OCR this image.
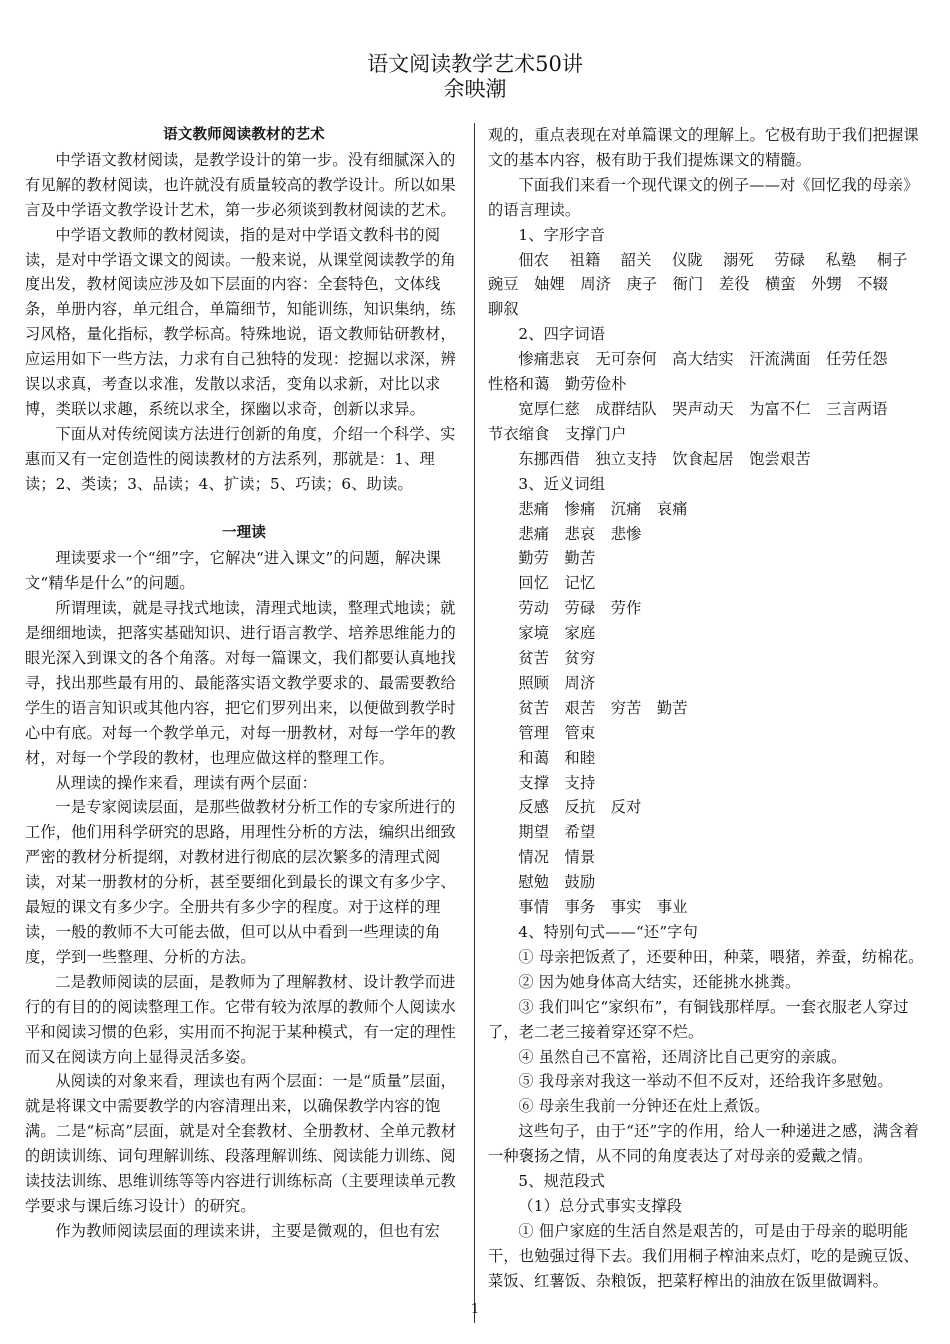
语文阅读教学艺术50讲
余映潮

语文教师阅读教材的艺术

中学语文教材阅读，是教学设计的第一步。没有细腻深入的有见解的教材阅读，也许就没有质量较高的教学设计。所以如果言及中学语文教学设计艺术，第一步必须谈到教材阅读的艺术。

中学语文教师的教材阅读，指的是对中学语文教科书的阅读，是对中学语文课文的阅读。一般来说，从课堂阅读教学的角度出发，教材阅读应涉及如下层面的内容：全套特色，文体线条，单册内容，单元组合，单篇细节，知能训练，知识集纳，练习风格，量化指标，教学标高。特殊地说，语文教师钻研教材，应运用如下一些方法，力求有自己独特的发现：挖掘以求深，辨误以求真，考查以求准，发散以求活，变角以求新，对比以求博，类联以求趣，系统以求全，探幽以求奇，创新以求异。

下面从对传统阅读方法进行创新的角度，介绍一个科学、实惠而又有一定创造性的阅读教材的方法系列，那就是：1、理读；2、类读；3、品读；4、扩读；5、巧读；6、助读。

一理读

理读要求一个“细”字，它解决“进入课文”的问题，解决课文“精华是什么”的问题。

所谓理读，就是寻找式地读，清理式地读，整理式地读；就是细细地读，把落实基础知识、进行语言教学、培养思维能力的眼光深入到课文的各个角落。对每一篇课文，我们都要认真地找寻，找出那些最有用的、最能落实语文教学要求的、最需要教给学生的语言知识或其他内容，把它们罗列出来，以便做到教学时心中有底。对每一个教学单元，对每一册教材，对每一学年的教材，对每一个学段的教材，也理应做这样的整理工作。

从理读的操作来看，理读有两个层面：

一是专家阅读层面，是那些做教材分析工作的专家所进行的工作，他们用科学研究的思路，用理性分析的方法，编织出细致严密的教材分析提纲，对教材进行彻底的层次繁多的清理式阅读，对某一册教材的分析，甚至要细化到最长的课文有多少字、最短的课文有多少字。全册共有多少字的程度。对于这样的理读，一般的教师不大可能去做，但可以从中看到一些理读的角度，学到一些整理、分析的方法。

二是教师阅读的层面，是教师为了理解教材、设计教学而进行的有目的的阅读整理工作。它带有较为浓厚的教师个人阅读水平和阅读习惯的色彩，实用而不拘泥于某种模式，有一定的理性而又在阅读方向上显得灵活多姿。

从阅读的对象来看，理读也有两个层面：一是“质量”层面，就是将课文中需要教学的内容清理出来，以确保教学内容的饱满。二是“标高”层面，就是对全套教材、全册教材、全单元教材的朗读训练、词句理解训练、段落理解训练、阅读能力训练、阅读技法训练、思维训练等等内容进行训练标高（主要理读单元教学要求与课后练习设计）的研究。

作为教师阅读层面的理读来讲，主要是微观的，但也有宏

观的，重点表现在对单篇课文的理解上。它极有助于我们把握课文的基本内容，极有助于我们提炼课文的精髓。

下面我们来看一个现代课文的例子——对《回忆我的母亲》的语言理读。

1、字形字音

佃农　 祖籍　 韶关　 仪陇　 溺死　 劳碌　 私塾　 桐子

豌豆　妯娌　周济　庚子　衙门　差役　横蛮　外甥　不辍

聊叙

2、四字词语

惨痛悲哀　无可奈何　高大结实　汗流满面　任劳任怨

性格和蔼　勤劳俭朴

宽厚仁慈　成群结队　哭声动天　为富不仁　三言两语

节衣缩食　支撑门户

东挪西借　独立支持　饮食起居　饱尝艰苦

3、近义词组

悲痛　惨痛　沉痛　哀痛

悲痛　悲哀　悲惨

勤劳　勤苦

回忆　记忆

劳动　劳碌　劳作

家境　家庭

贫苦　贫穷

照顾　周济

贫苦　艰苦　穷苦　勤苦

管理　管束

和蔼　和睦

支撑　支持

反感　反抗　反对

期望　希望

情况　情景

慰勉　鼓励

事情　事务　事实　事业

4、特别句式——“还”字句

① 母亲把饭煮了，还要种田，种菜，喂猪，养蚕，纺棉花。

② 因为她身体高大结实，还能挑水挑粪。

③ 我们叫它“家织布”，有铜钱那样厚。一套衣服老人穿过了，老二老三接着穿还穿不烂。

④ 虽然自己不富裕，还周济比自己更穷的亲戚。

⑤ 我母亲对我这一举动不但不反对，还给我许多慰勉。

⑥ 母亲生我前一分钟还在灶上煮饭。

这些句子，由于“还”字的作用，给人一种递进之感，满含着一种褒扬之情，从不同的角度表达了对母亲的爱戴之情。

5、规范段式

（1）总分式事实支撑段

① 佃户家庭的生活自然是艰苦的，可是由于母亲的聪明能干，也勉强过得下去。我们用桐子榨油来点灯，吃的是豌豆饭、菜饭、红薯饭、杂粮饭，把菜籽榨出的油放在饭里做调料。

1
